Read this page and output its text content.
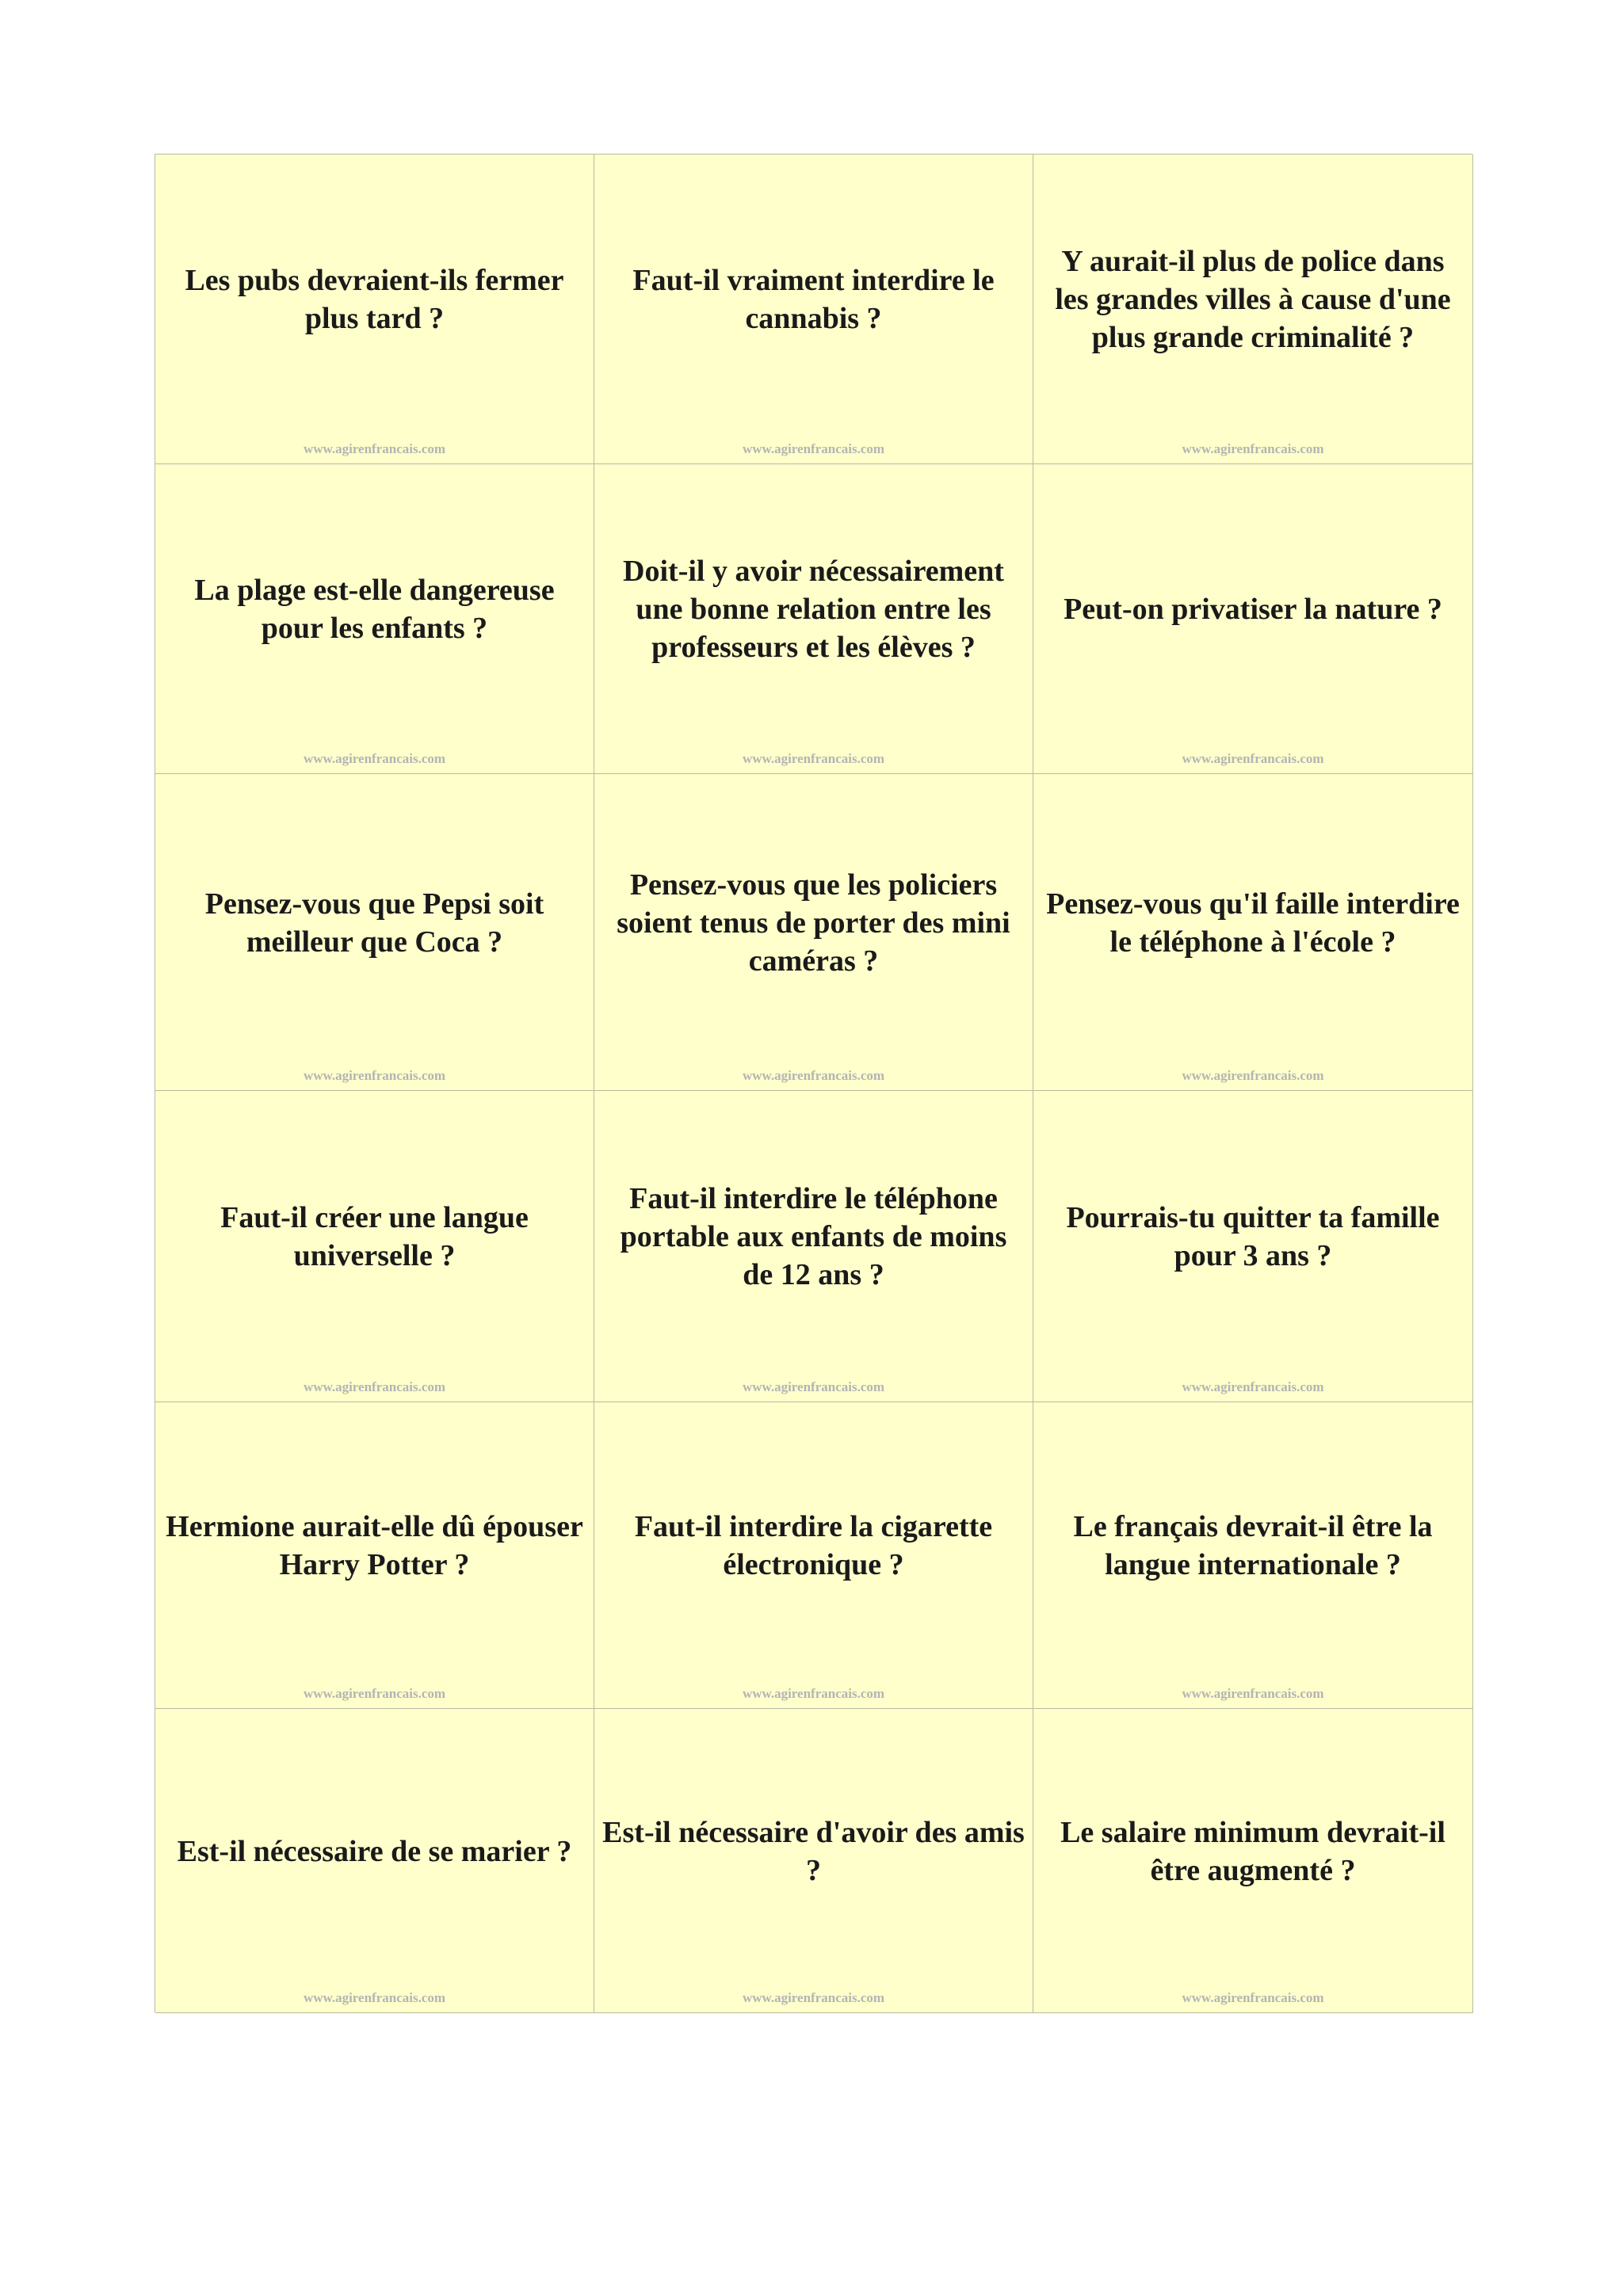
Les pubs devraient-ils fermer plus tard ?

www.agirenfrancais.com

Faut-il vraiment interdire le cannabis ?

www.agirenfrancais.com

Y aurait-il plus de police dans les grandes villes à cause d'une plus grande criminalité ?

www.agirenfrancais.com

La plage est-elle dangereuse pour les enfants ?

www.agirenfrancais.com

Doit-il y avoir nécessairement une bonne relation entre les professeurs et les élèves ?

www.agirenfrancais.com

Peut-on privatiser la nature ?

www.agirenfrancais.com

Pensez-vous que Pepsi soit meilleur que Coca ?

www.agirenfrancais.com

Pensez-vous que les policiers soient tenus de porter des mini caméras ?

www.agirenfrancais.com

Pensez-vous qu'il faille interdire le téléphone à l'école ?

www.agirenfrancais.com

Faut-il créer une langue universelle ?

www.agirenfrancais.com

Faut-il interdire le téléphone portable aux enfants de moins de 12 ans ?

www.agirenfrancais.com

Pourrais-tu quitter ta famille pour 3 ans ?

www.agirenfrancais.com

Hermione aurait-elle dû épouser Harry Potter ?

www.agirenfrancais.com

Faut-il interdire la cigarette électronique ?

www.agirenfrancais.com

Le français devrait-il être la langue internationale ?

www.agirenfrancais.com

Est-il nécessaire de se marier ?

www.agirenfrancais.com

Est-il nécessaire d'avoir des amis ?

www.agirenfrancais.com

Le salaire minimum devrait-il être augmenté ?

www.agirenfrancais.com
